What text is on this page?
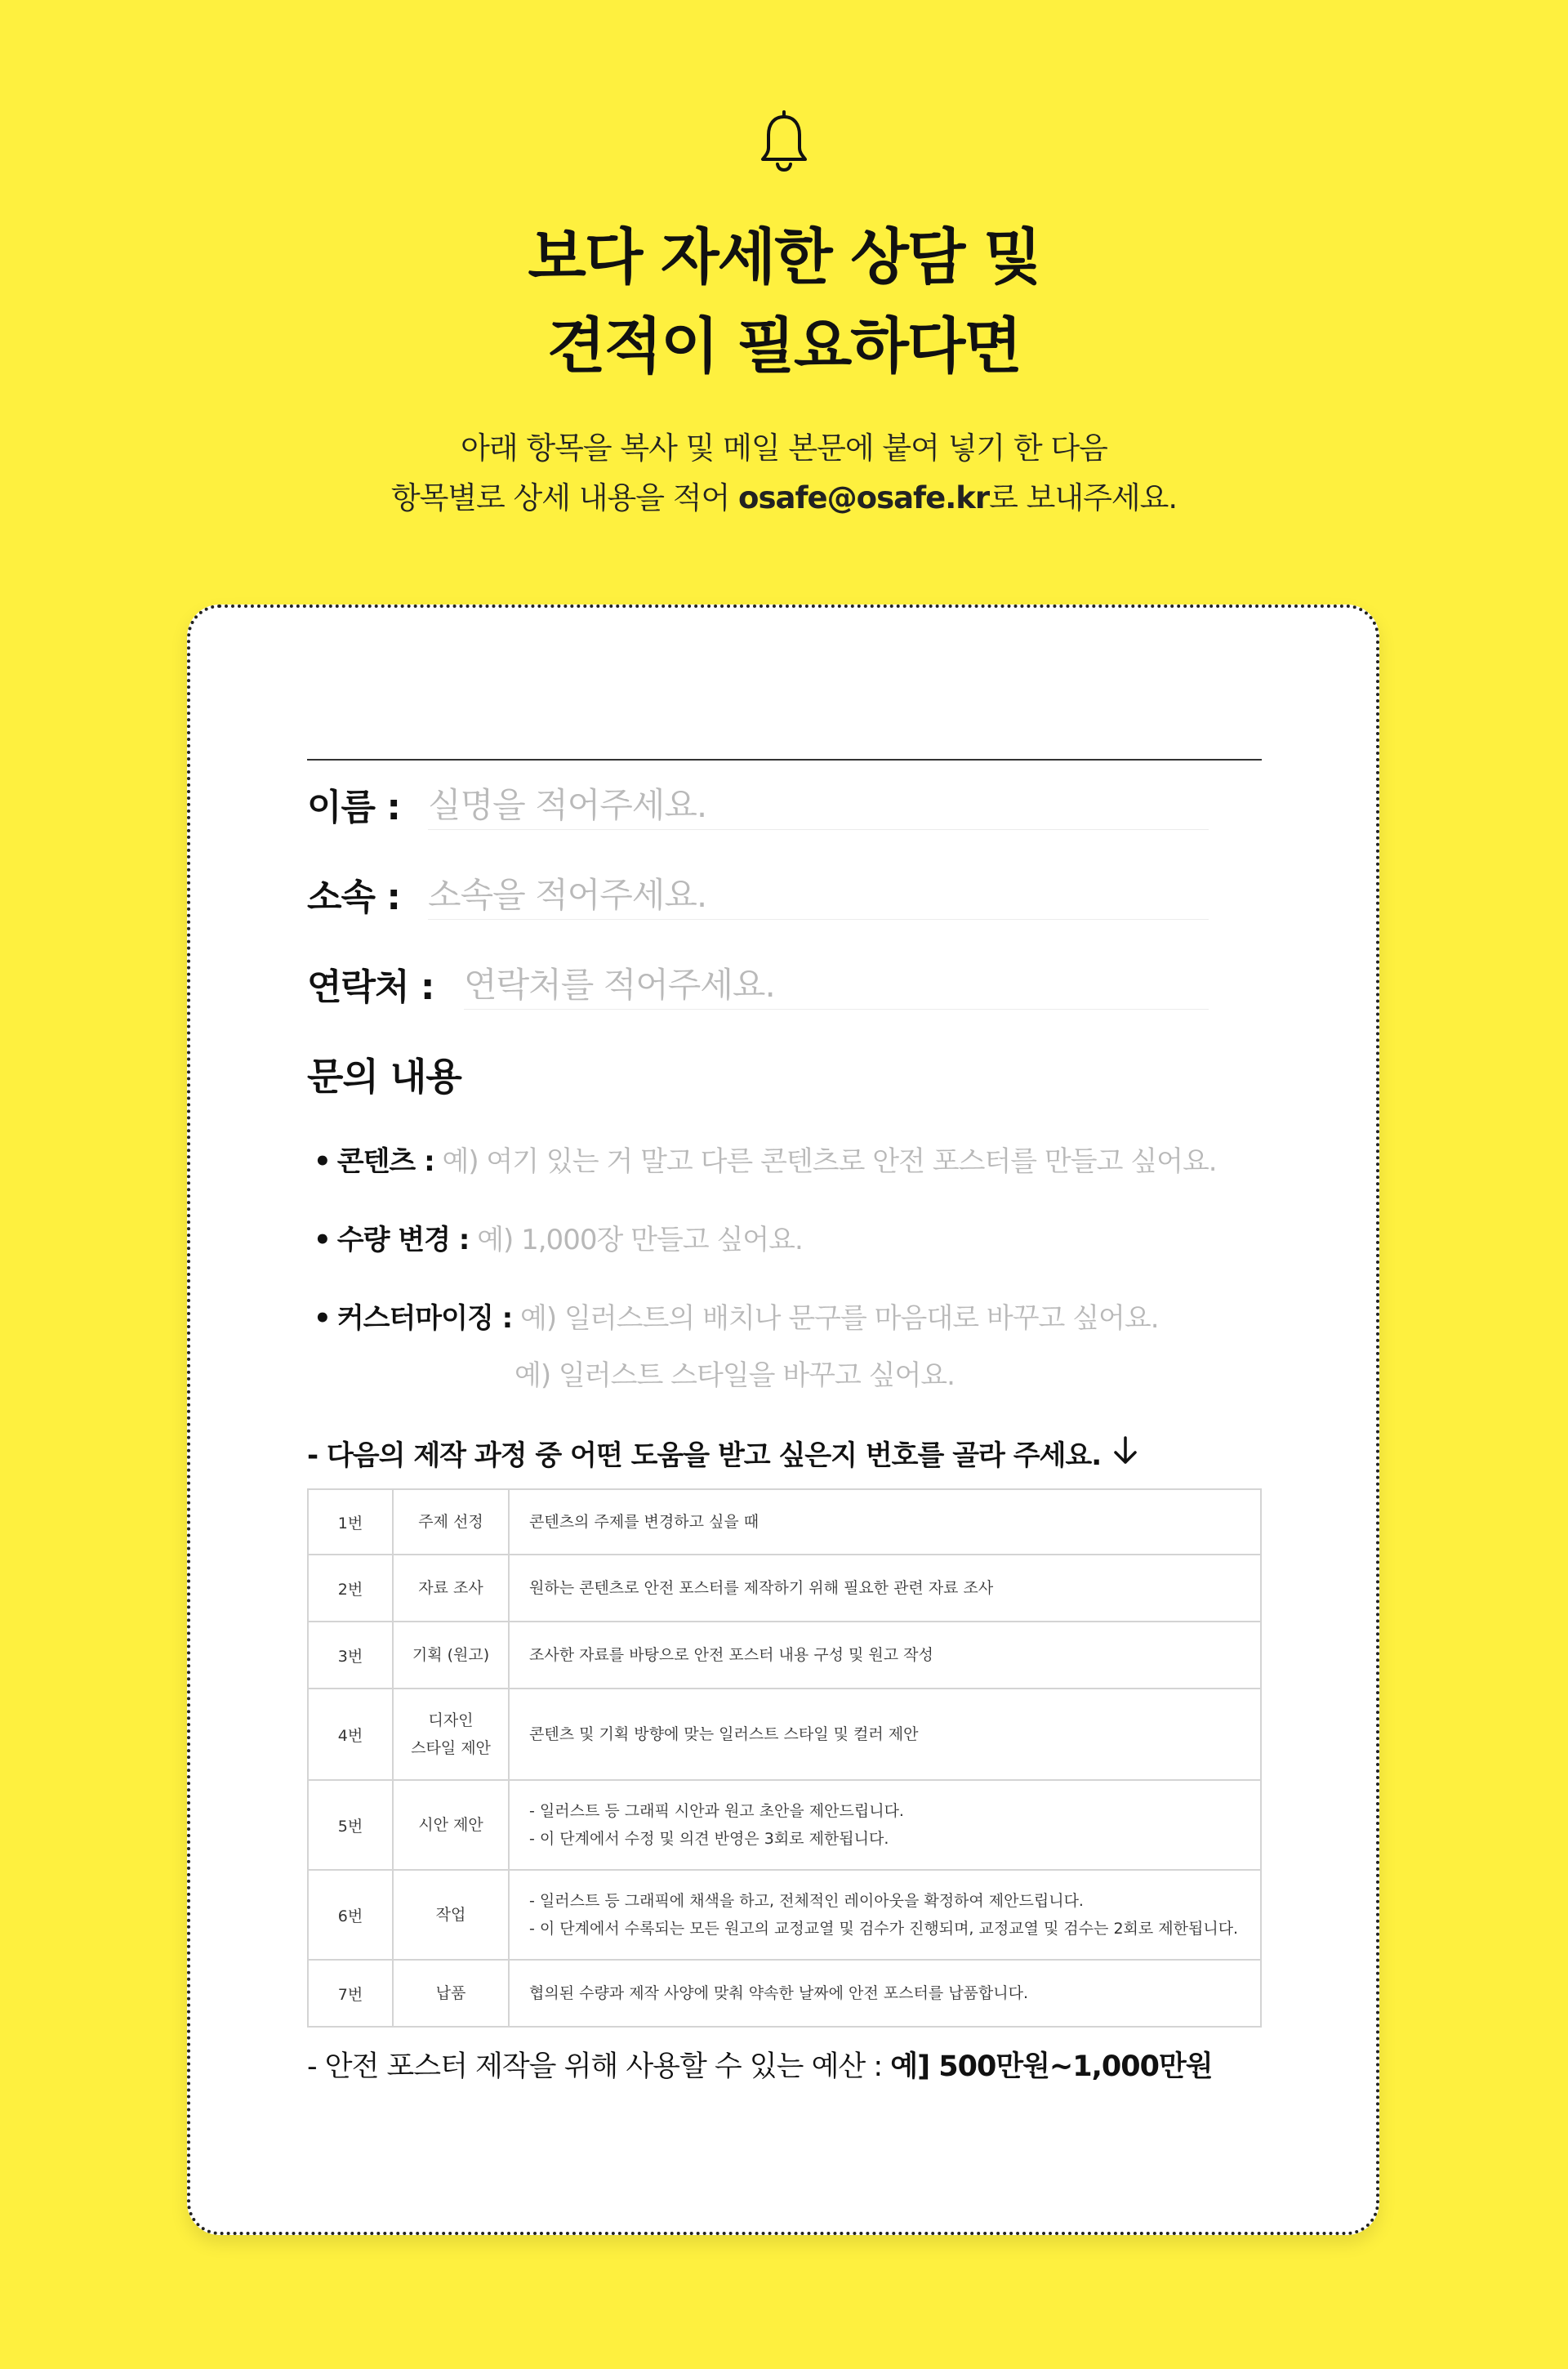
보다 자세한 상담 및
견적이 필요하다면
아래 항목을 복사 및 메일 본문에 붙여 넣기 한 다음
항목별로 상세 내용을 적어 osafe@osafe.kr로 보내주세요.
이름 :
실명을 적어주세요.
소속 :
소속을 적어주세요.
연락처 :
연락처를 적어주세요.
문의 내용
• 콘텐츠 : 예) 여기 있는 거 말고 다른 콘텐츠로 안전 포스터를 만들고 싶어요.
• 수량 변경 : 예) 1,000장 만들고 싶어요.
• 커스터마이징 : 예) 일러스트의 배치나 문구를 마음대로 바꾸고 싶어요.
예) 일러스트 스타일을 바꾸고 싶어요.
- 다음의 제작 과정 중 어떤 도움을 받고 싶은지 번호를 골라 주세요.
1번	주제 선정	콘텐츠의 주제를 변경하고 싶을 때

2번	자료 조사	원하는 콘텐츠로 안전 포스터를 제작하기 위해 필요한 관련 자료 조사

3번	기획 (원고)	조사한 자료를 바탕으로 안전 포스터 내용 구성 및 원고 작성

4번	디자인
스타일 제안	콘텐츠 및 기획 방향에 맞는 일러스트 스타일 및 컬러 제안

5번	시안 제안	- 일러스트 등 그래픽 시안과 원고 초안을 제안드립니다.
- 이 단계에서 수정 및 의견 반영은 3회로 제한됩니다.

6번	작업	- 일러스트 등 그래픽에 채색을 하고, 전체적인 레이아웃을 확정하여 제안드립니다.
- 이 단계에서 수록되는 모든 원고의 교정교열 및 검수가 진행되며, 교정교열 및 검수는 2회로 제한됩니다.

7번	납품	협의된 수량과 제작 사양에 맞춰 약속한 날짜에 안전 포스터를 납품합니다.
- 안전 포스터 제작을 위해 사용할 수 있는 예산 : 예] 500만원~1,000만원
